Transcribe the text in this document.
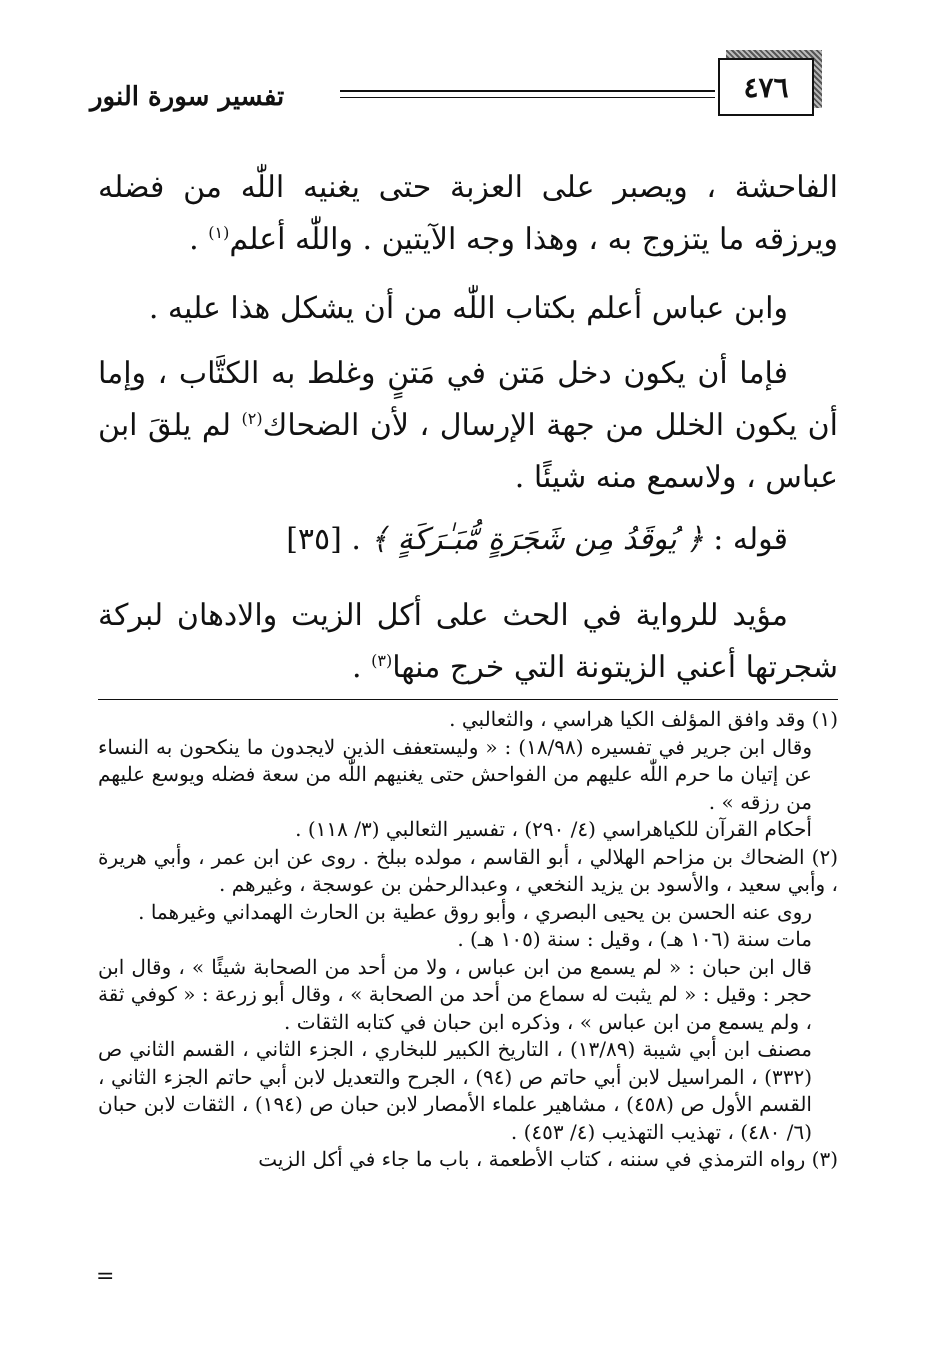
٤٧٦
تفسير سورة النور

الفاحشة ، ويصبر على العزبة حتى يغنيه اللّٰه من فضله ويرزقه ما يتزوج به ، وهذا وجه الآيتين . واللّٰه أعلم$^{(١)}$ .

وابن عباس أعلم بكتاب اللّٰه من أن يشكل هذا عليه .

فإما أن يكون دخل مَتن في مَتنٍ وغلط به الكتَّاب ، وإما أن يكون الخلل من جهة الإرسال ، لأن الضحاك$^{(٢)}$ لم يلقَ ابن عباس ، ولاسمع منه شيئًا .

قوله : ﴿ يُوقَدُ مِن شَجَرَةٍ مُّبَـٰرَكَةٍ ﴾ . [٣٥]

مؤيد للرواية في الحث على أكل الزيت والادهان لبركة شجرتها أعني الزيتونة التي خرج منها$^{(٣)}$ .

(١) وقد وافق المؤلف الكيا هراسي ، والثعالبي .

وقال ابن جرير في تفسيره (١٨/٩٨) : « وليستعفف الذين لايجدون ما ينكحون به النساء عن إتيان ما حرم اللّٰه عليهم من الفواحش حتى يغنيهم اللّٰه من سعة فضله ويوسع عليهم من رزقه » .

أحكام القرآن للكياهراسي (٤/ ٢٩٠) ، تفسير الثعالبي (٣/ ١١٨) .

(٢) الضحاك بن مزاحم الهلالي ، أبو القاسم ، مولده ببلخ . روى عن ابن عمر ، وأبي هريرة ، وأبي سعيد ، والأسود بن يزيد النخعي ، وعبدالرحمٰن بن عوسجة ، وغيرهم .

روى عنه الحسن بن يحيى البصري ، وأبو روق عطية بن الحارث الهمداني وغيرهما .

مات سنة (١٠٦ هـ) ، وقيل : سنة (١٠٥ هـ) .

قال ابن حبان : « لم يسمع من ابن عباس ، ولا من أحد من الصحابة شيئًا » ، وقال ابن حجر : وقيل : « لم يثبت له سماع من أحد من الصحابة » ، وقال أبو زرعة : « كوفي ثقة ، ولم يسمع من ابن عباس » ، وذكره ابن حبان في كتابه الثقات .

مصنف ابن أبي شيبة (١٣/٨٩) ، التاريخ الكبير للبخاري ، الجزء الثاني ، القسم الثاني ص (٣٣٢) ، المراسيل لابن أبي حاتم ص (٩٤) ، الجرح والتعديل لابن أبي حاتم الجزء الثاني ، القسم الأول ص (٤٥٨) ، مشاهير علماء الأمصار لابن حبان ص (١٩٤) ، الثقات لابن حبان (٦/ ٤٨٠) ، تهذيب التهذيب (٤/ ٤٥٣) .

(٣) رواه الترمذي في سننه ، كتاب الأطعمة ، باب ما جاء في أكل الزيت

=
